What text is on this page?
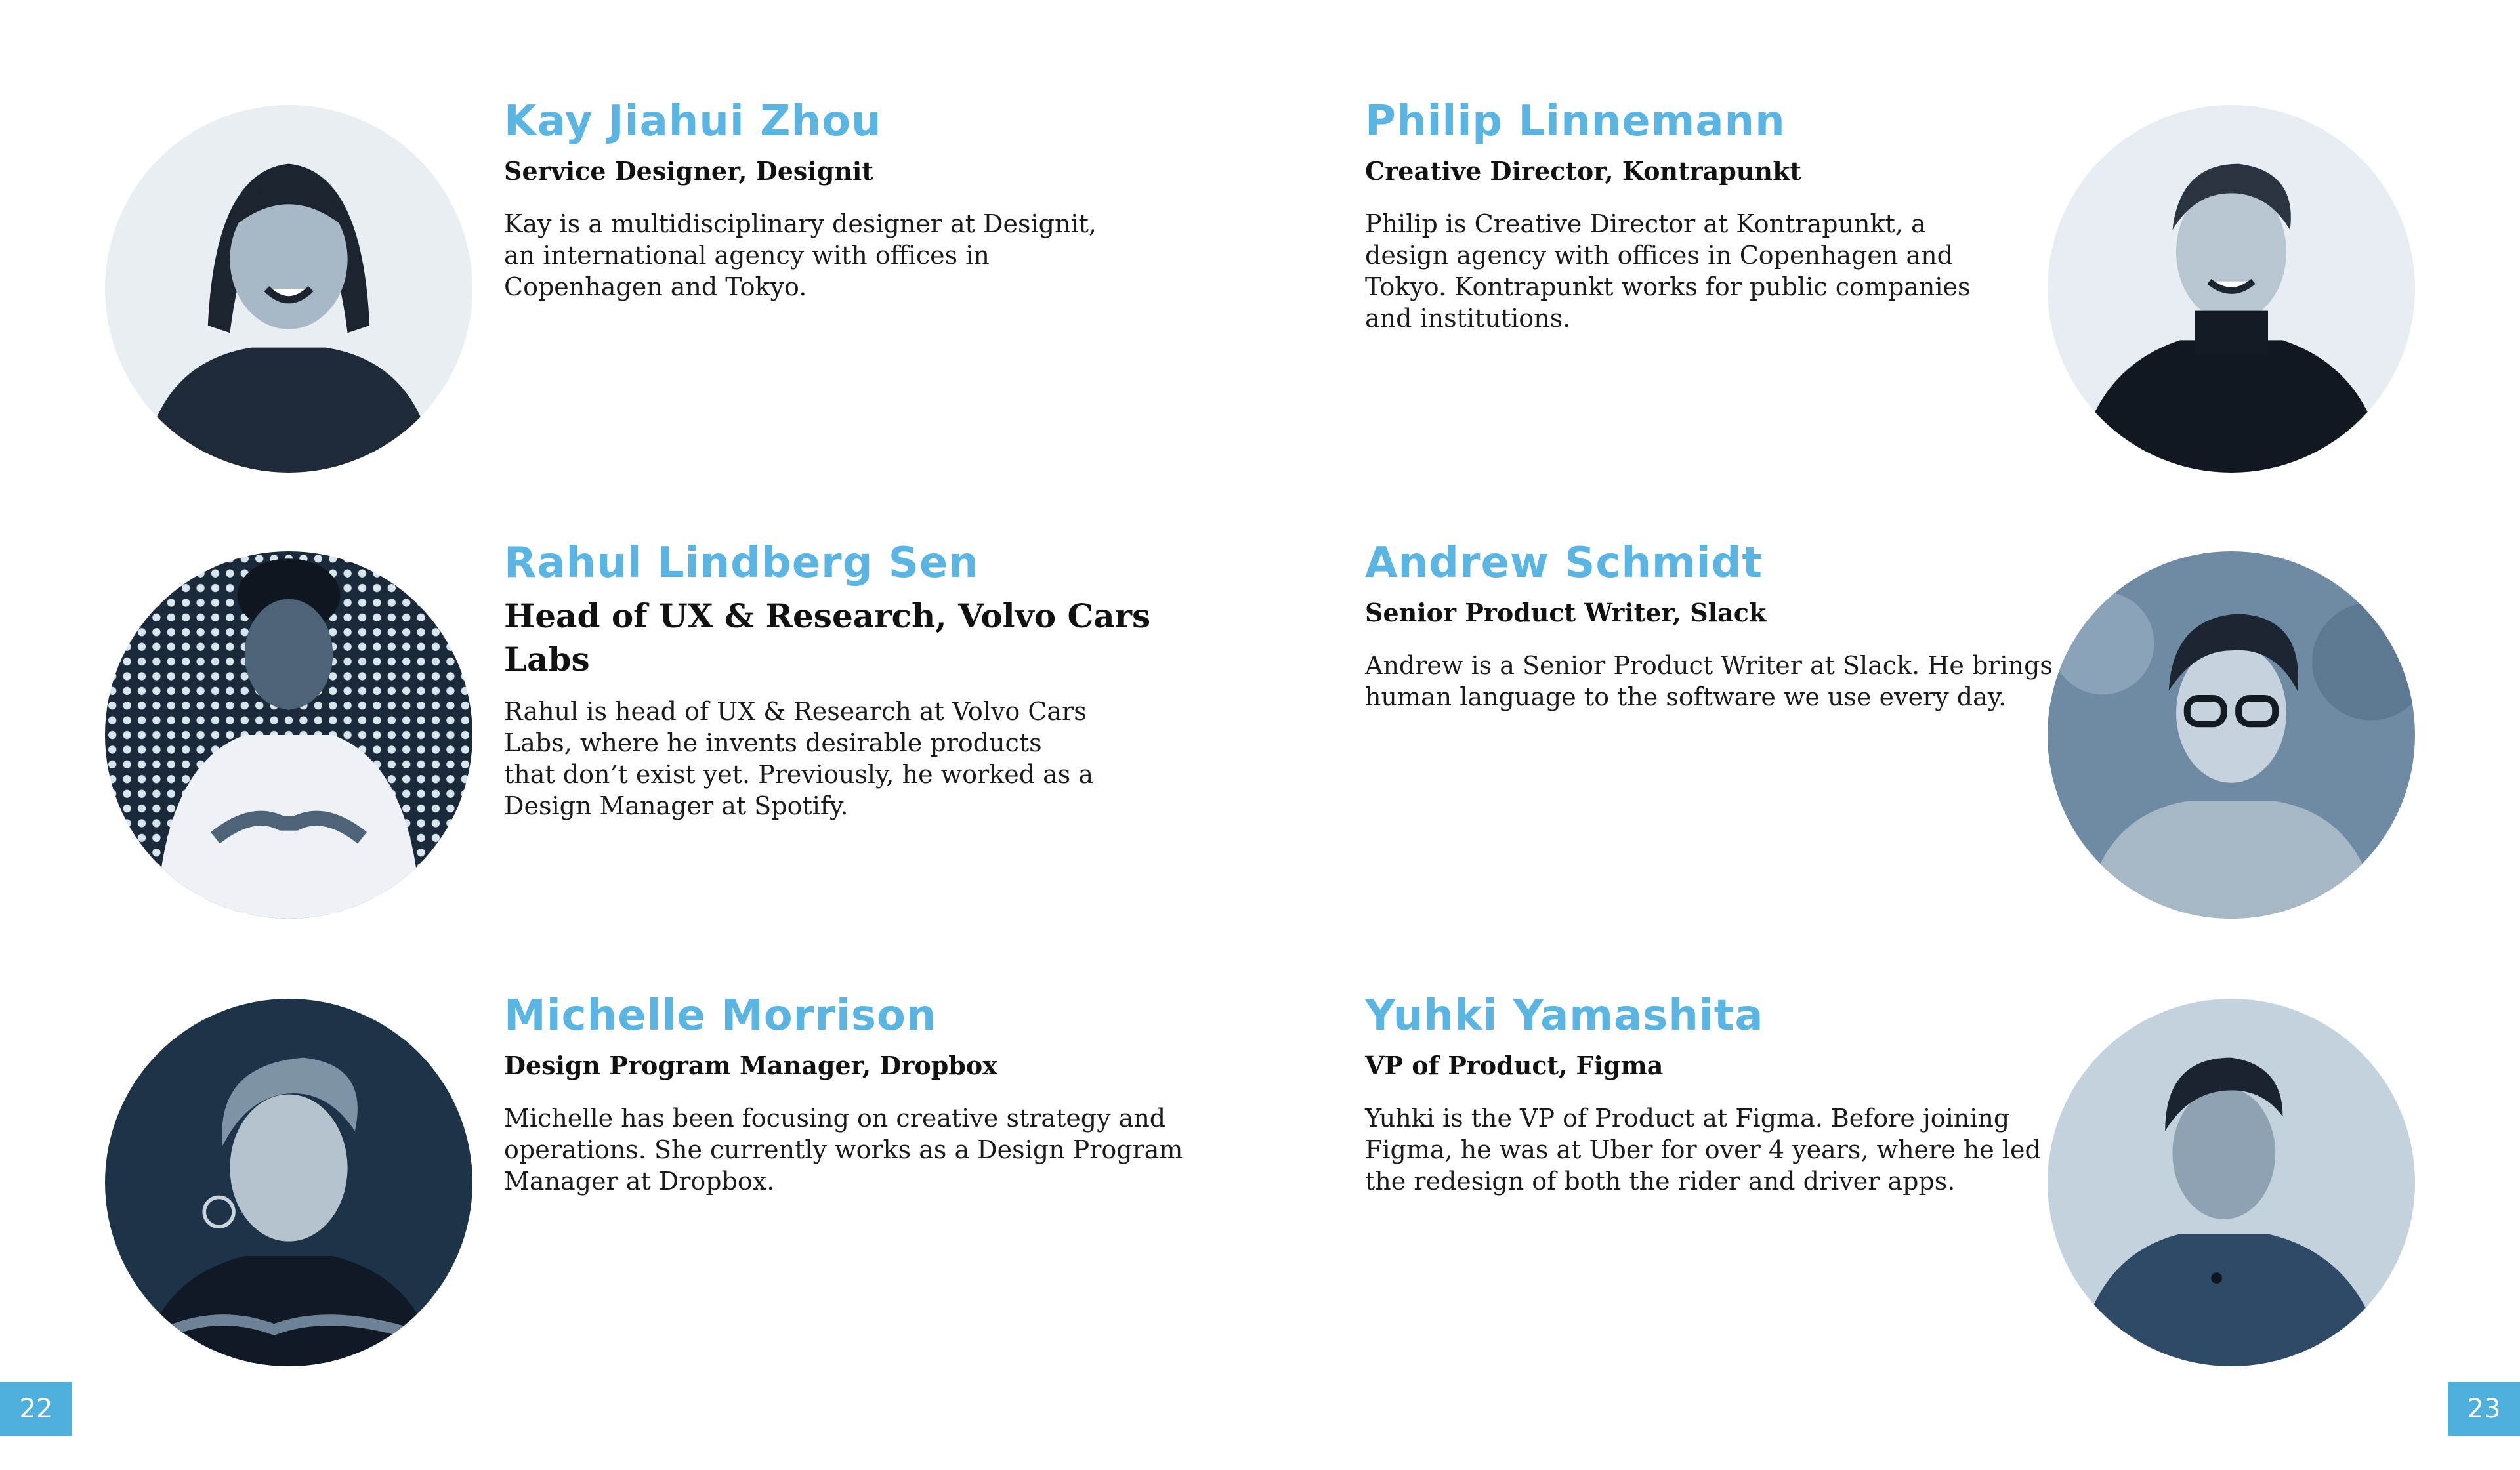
Kay Jiahui Zhou
Service Designer, Designit

Kay is a multidisciplinary designer at Designit,
an international agency with offices in
Copenhagen and Tokyo.

Philip Linnemann
Creative Director, Kontrapunkt

Philip is Creative Director at Kontrapunkt, a
design agency with offices in Copenhagen and
Tokyo. Kontrapunkt works for public companies
and institutions.

Rahul Lindberg Sen
Head of UX & Research, Volvo Cars Labs

Rahul is head of UX & Research at Volvo Cars
Labs, where he invents desirable products
that don’t exist yet. Previously, he worked as a
Design Manager at Spotify.

Andrew Schmidt
Senior Product Writer, Slack

Andrew is a Senior Product Writer at Slack. He brings
human language to the software we use every day.

Michelle Morrison
Design Program Manager, Dropbox

Michelle has been focusing on creative strategy and
operations. She currently works as a Design Program
Manager at Dropbox.

Yuhki Yamashita
VP of Product, Figma

Yuhki is the VP of Product at Figma. Before joining
Figma, he was at Uber for over 4 years, where he led
the redesign of both the rider and driver apps.

22	23
